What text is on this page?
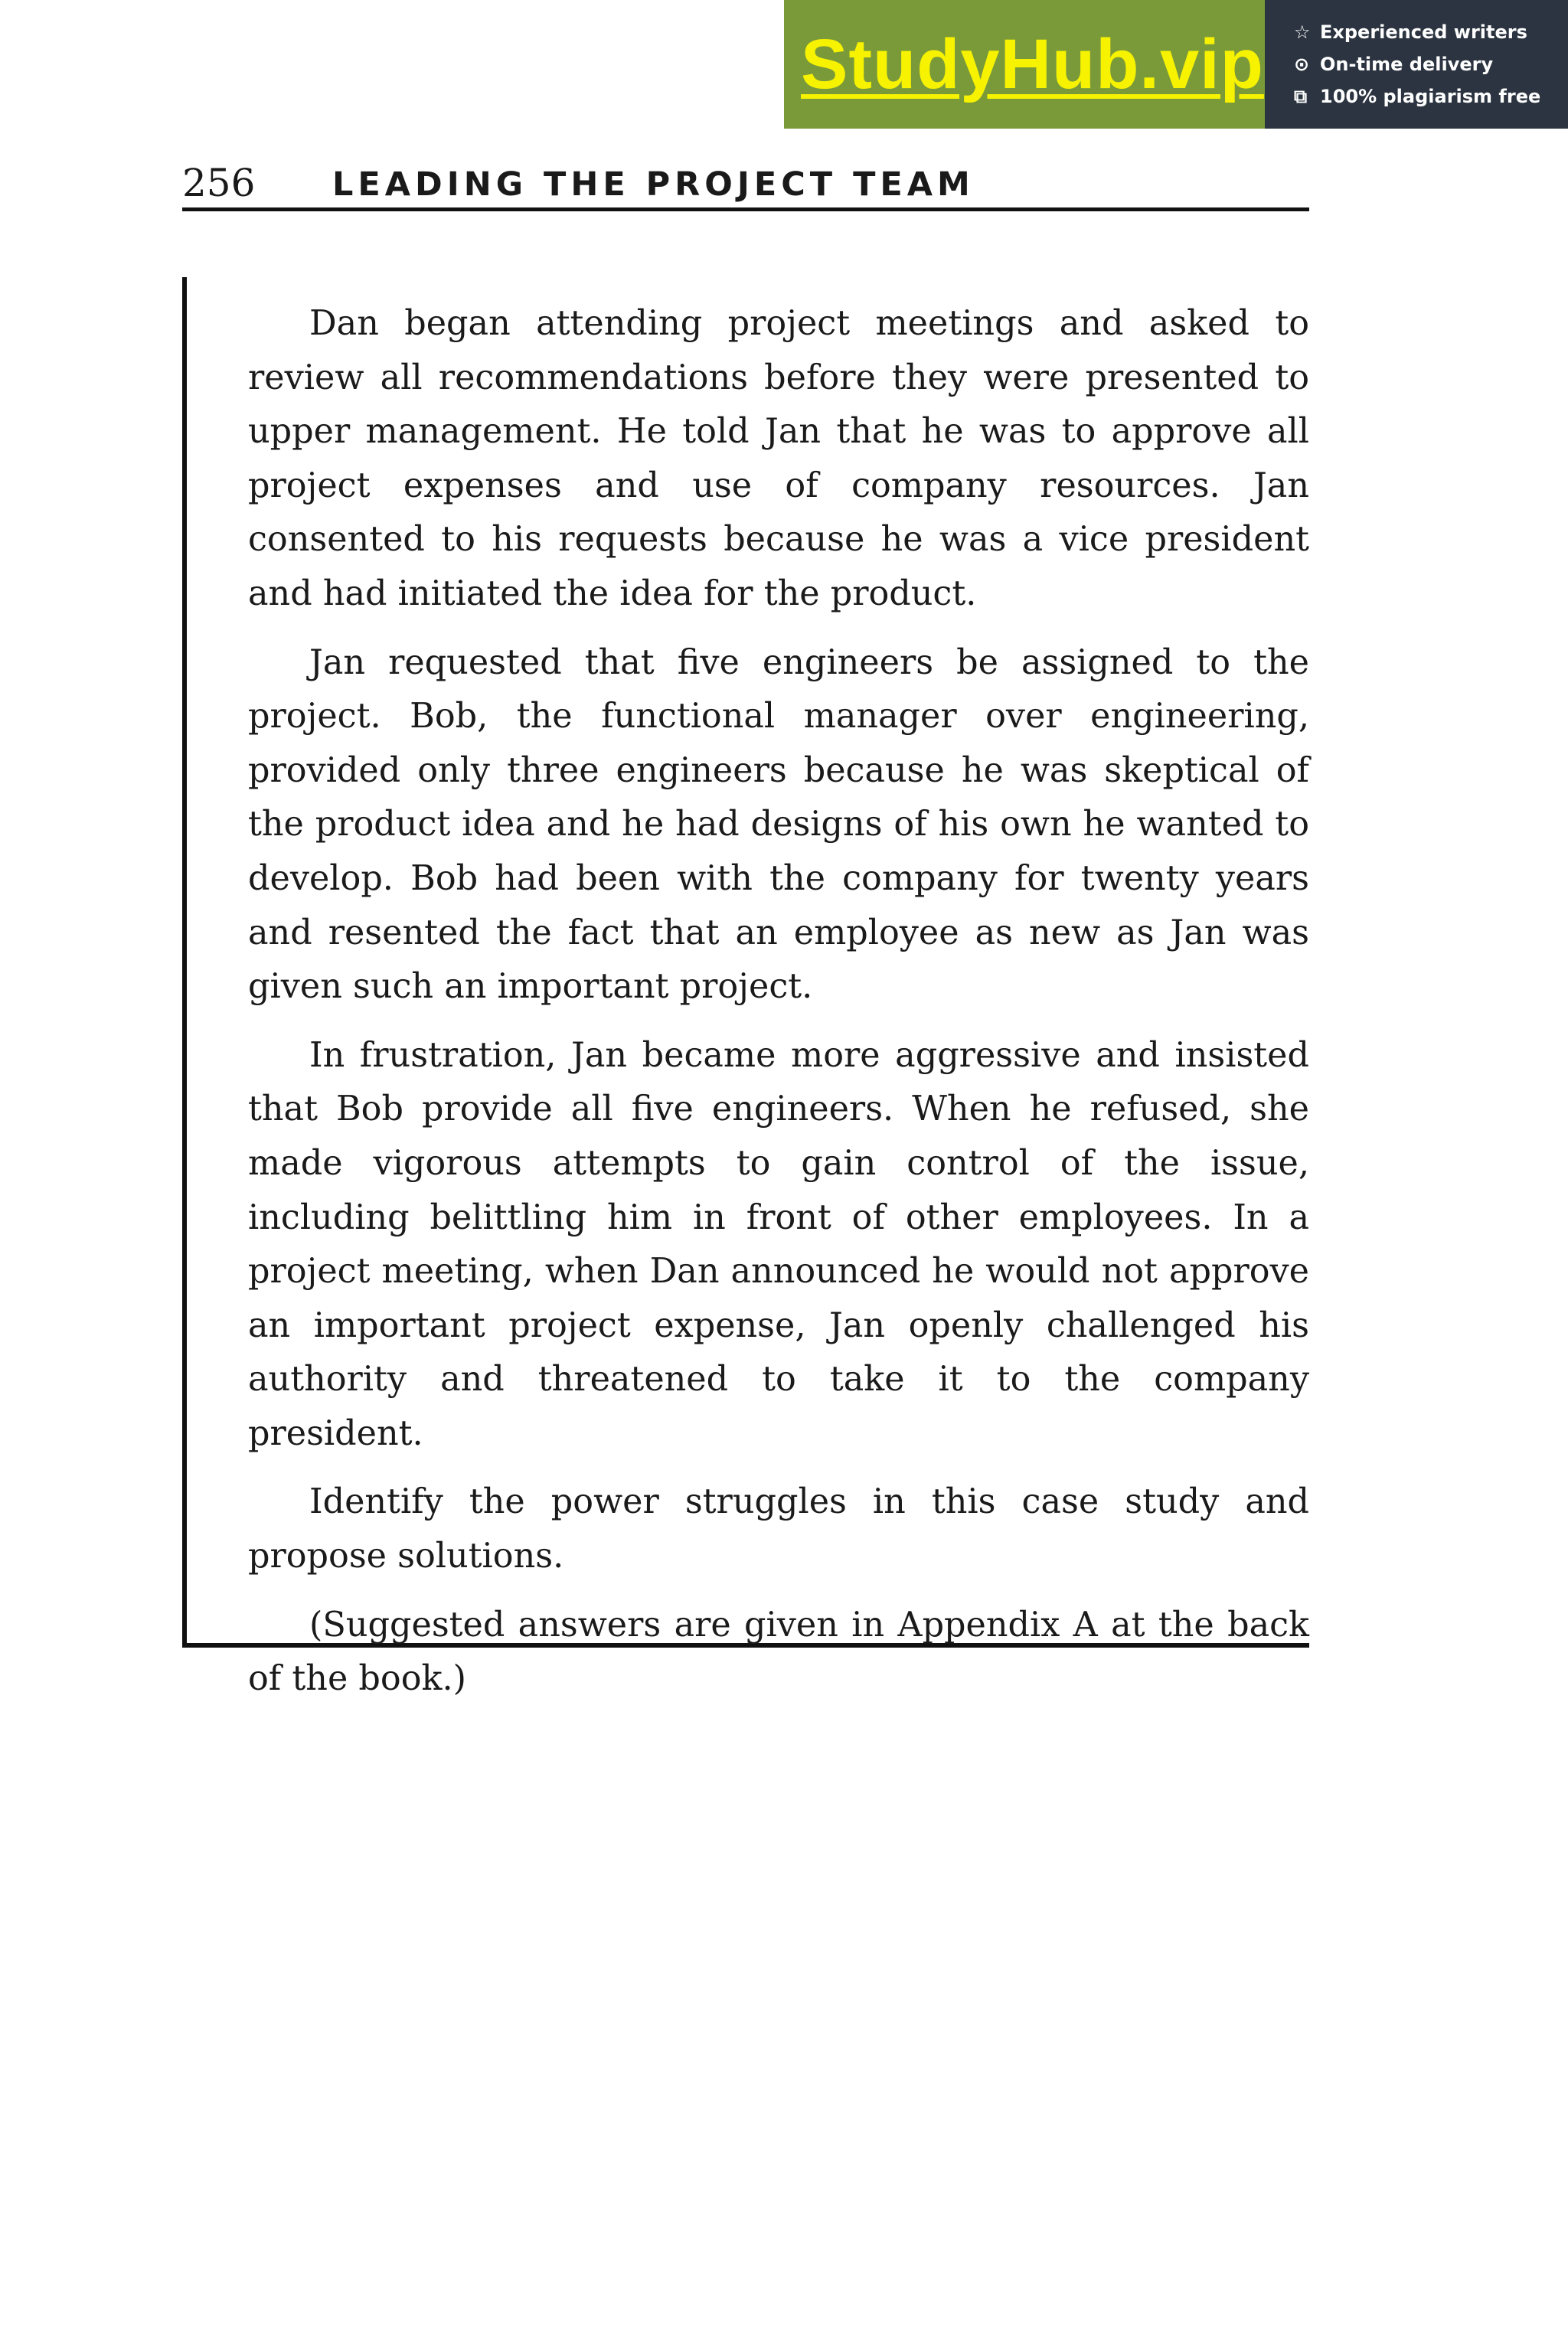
StudyHub.vip ☆ Experienced writers
⊙ On-time delivery
⧉ 100% plagiarism free
256 LEADING THE PROJECT TEAM

Dan began attending project meetings and asked to review all recommendations before they were presented to upper management. He told Jan that he was to approve all project expenses and use of company resources. Jan consented to his requests because he was a vice president and had initiated the idea for the product.

Jan requested that five engineers be assigned to the project. Bob, the functional manager over engineering, provided only three engineers because he was skeptical of the product idea and he had designs of his own he wanted to develop. Bob had been with the company for twenty years and resented the fact that an employee as new as Jan was given such an important project.

In frustration, Jan became more aggressive and insisted that Bob provide all five engineers. When he refused, she made vigorous attempts to gain control of the issue, including belittling him in front of other employees. In a project meeting, when Dan announced he would not approve an important project expense, Jan openly challenged his authority and threatened to take it to the company president.

Identify the power struggles in this case study and propose solutions.

(Suggested answers are given in Appendix A at the back of the book.)
